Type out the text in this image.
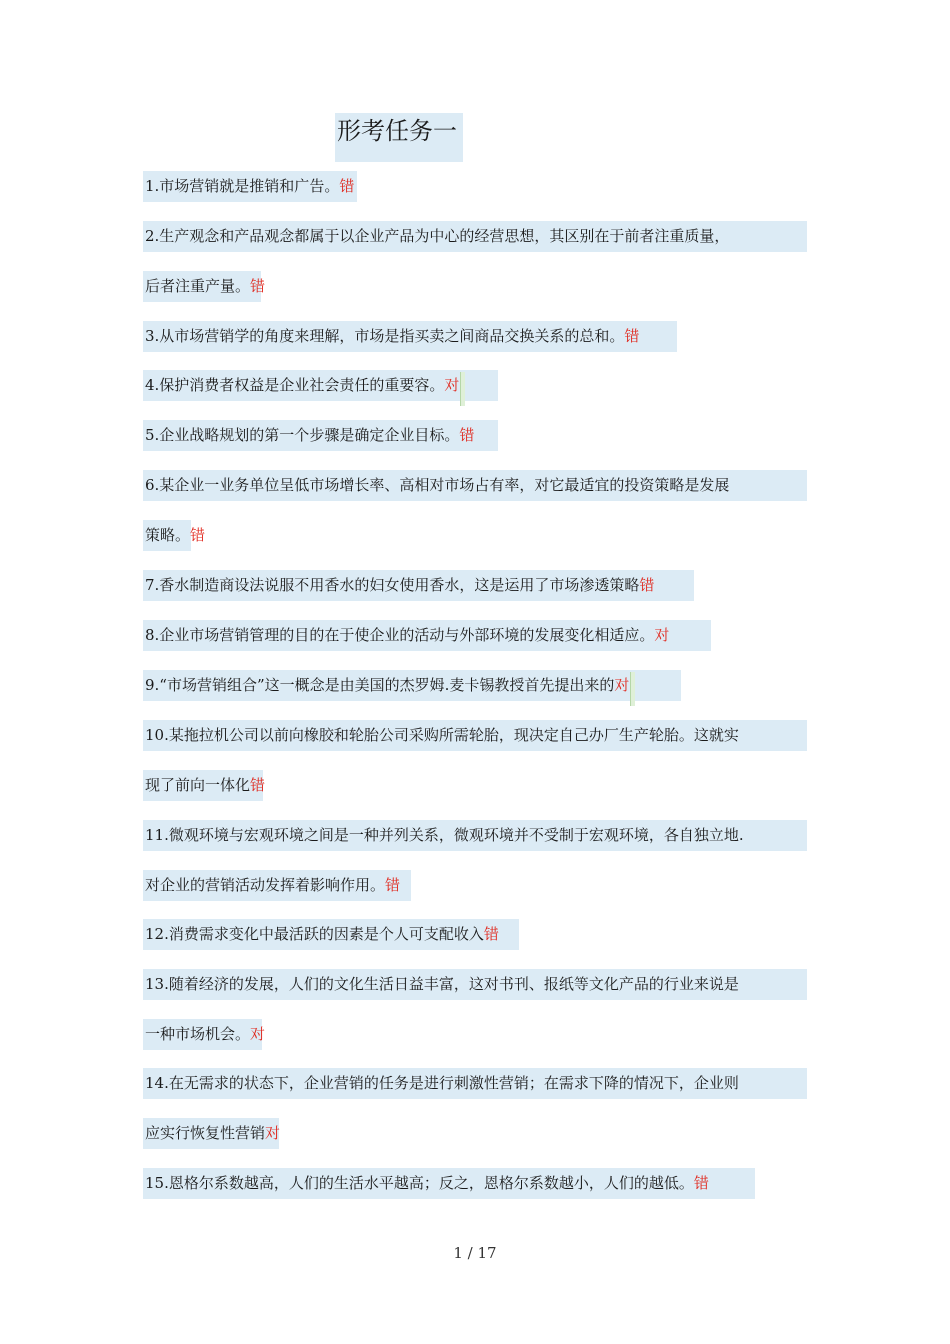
形考任务一
1.市场营销就是推销和广告。错
2.生产观念和产品观念都属于以企业产品为中心的经营思想，其区别在于前者注重质量，
后者注重产量。错
3.从市场营销学的角度来理解，市场是指买卖之间商品交换关系的总和。错
4.保护消费者权益是企业社会责任的重要容。对
5.企业战略规划的第一个步骤是确定企业目标。错
6.某企业一业务单位呈低市场增长率、高相对市场占有率，对它最适宜的投资策略是发展
策略。错
7.香水制造商设法说服不用香水的妇女使用香水，这是运用了市场渗透策略错
8.企业市场营销管理的目的在于使企业的活动与外部环境的发展变化相适应。对
9.“市场营销组合”这一概念是由美国的杰罗姆.麦卡锡教授首先提出来的对
10.某拖拉机公司以前向橡胶和轮胎公司采购所需轮胎，现决定自己办厂生产轮胎。这就实
现了前向一体化错
11.微观环境与宏观环境之间是一种并列关系，微观环境并不受制于宏观环境，各自独立地.
对企业的营销活动发挥着影响作用。错
12.消费需求变化中最活跃的因素是个人可支配收入错
13.随着经济的发展，人们的文化生活日益丰富，这对书刊、报纸等文化产品的行业来说是
一种市场机会。对
14.在无需求的状态下，企业营销的任务是进行刺激性营销；在需求下降的情况下，企业则
应实行恢复性营销对
15.恩格尔系数越高，人们的生活水平越高；反之，恩格尔系数越小，人们的越低。错
1 / 17
